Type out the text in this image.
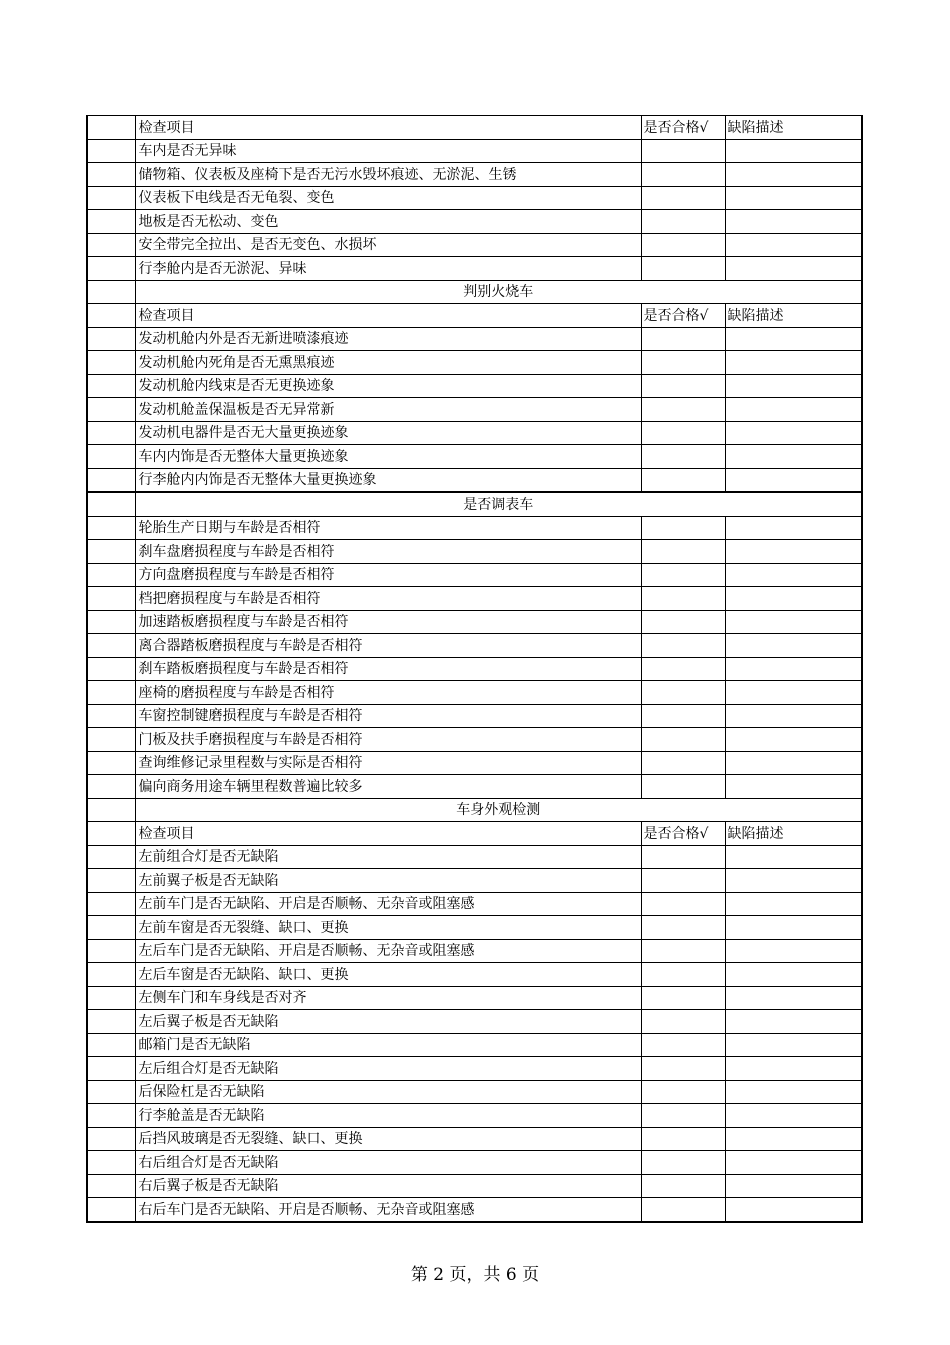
	检查项目	是否合格√	缺陷描述
	车内是否无异味		
	储物箱、仪表板及座椅下是否无污水毁坏痕迹、无淤泥、生锈		
	仪表板下电线是否无龟裂、变色		
	地板是否无松动、变色		
	安全带完全拉出、是否无变色、水损坏		
	行李舱内是否无淤泥、异味		
	判别火烧车		
	检查项目	是否合格√	缺陷描述
	发动机舱内外是否无新进喷漆痕迹		
	发动机舱内死角是否无熏黑痕迹		
	发动机舱内线束是否无更换迹象		
	发动机舱盖保温板是否无异常新		
	发动机电器件是否无大量更换迹象		
	车内内饰是否无整体大量更换迹象		
	行李舱内内饰是否无整体大量更换迹象		
	是否调表车		
	轮胎生产日期与车龄是否相符		
	刹车盘磨损程度与车龄是否相符		
	方向盘磨损程度与车龄是否相符		
	档把磨损程度与车龄是否相符		
	加速踏板磨损程度与车龄是否相符		
	离合器踏板磨损程度与车龄是否相符		
	刹车踏板磨损程度与车龄是否相符		
	座椅的磨损程度与车龄是否相符		
	车窗控制键磨损程度与车龄是否相符		
	门板及扶手磨损程度与车龄是否相符		
	查询维修记录里程数与实际是否相符		
	偏向商务用途车辆里程数普遍比较多		
	车身外观检测		
	检查项目	是否合格√	缺陷描述
	左前组合灯是否无缺陷		
	左前翼子板是否无缺陷		
	左前车门是否无缺陷、开启是否顺畅、无杂音或阻塞感		
	左前车窗是否无裂缝、缺口、更换		
	左后车门是否无缺陷、开启是否顺畅、无杂音或阻塞感		
	左后车窗是否无缺陷、缺口、更换		
	左侧车门和车身线是否对齐		
	左后翼子板是否无缺陷		
	邮箱门是否无缺陷		
	左后组合灯是否无缺陷		
	后保险杠是否无缺陷		
	行李舱盖是否无缺陷		
	后挡风玻璃是否无裂缝、缺口、更换		
	右后组合灯是否无缺陷		
	右后翼子板是否无缺陷		
	右后车门是否无缺陷、开启是否顺畅、无杂音或阻塞感		
第 2 页，共 6 页
